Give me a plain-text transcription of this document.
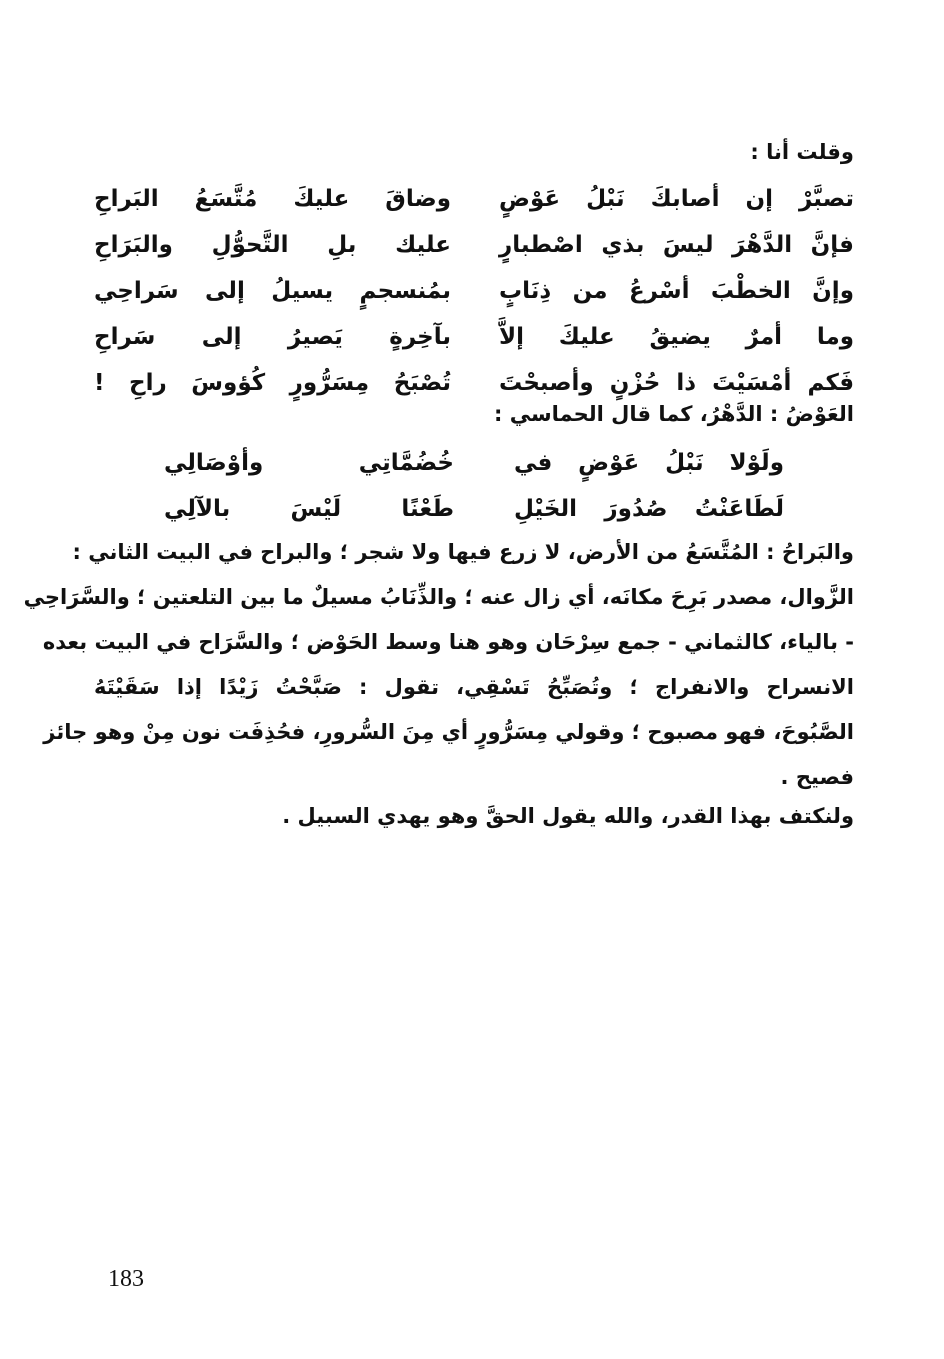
وقلت أنا :
تصبَّرْ إن أصابكَ نَبْلُ عَوْضٍ
وضاقَ عليكَ مُتَّسَعُ البَراحِ
فإنَّ الدَّهْرَ ليسَ بذي اصْطبارٍ
عليك بلِ التَّحوُّلِ والبَرَاحِ
وإنَّ الخطْبَ أسْرعُ من ذِنَابٍ
بمُنسجمٍ يسيلُ إلى سَراحِي
وما أمرٌ يضيقُ عليكَ إلاَّ
بآخِرةٍ يَصيرُ إلى سَراحِ
فَكم أمْسَيْتَ ذا حُزْنٍ وأصبحْتَ
تُصْبَحُ مِسَرُّورٍ كُؤوسَ راحِ !
العَوْضُ : الدَّهْرُ، كما قال الحماسي :
ولَوْلا نَبْلُ عَوْضٍ في
خُضُمَّاتِي وأوْصَالِي
لَطَاعَنْتُ صُدُورَ الخَيْلِ
طَعْنًا لَيْسَ بالآلِي
والبَراحُ : المُتَّسَعُ من الأرض، لا زرع فيها ولا شجر ؛ والبراح في البيت الثاني :
الزَّوال، مصدر بَرِحَ مكانَه، أي زال عنه ؛ والذِّنَابُ مسيلٌ ما بين التلعتين ؛ والسَّرَاحِي
- بالياء، كالثماني - جمع سِرْحَان وهو هنا وسط الحَوْض ؛ والسَّرَاح في البيت بعده
الانسراح والانفراج ؛ وتُصَبِّحُ تَسْقِي، تقول : صَبَّحْتُ زَيْدًا إذا سَقَيْتَهُ
الصَّبُوحَ، فهو مصبوح ؛ وقولي مِسَرُّورٍ أي مِنَ السُّرورِ، فحُذِفَت نون مِنْ وهو جائز
فصيح .
ولنكتف بهذا القدر، والله يقول الحقَّ وهو يهدي السبيل .
183
